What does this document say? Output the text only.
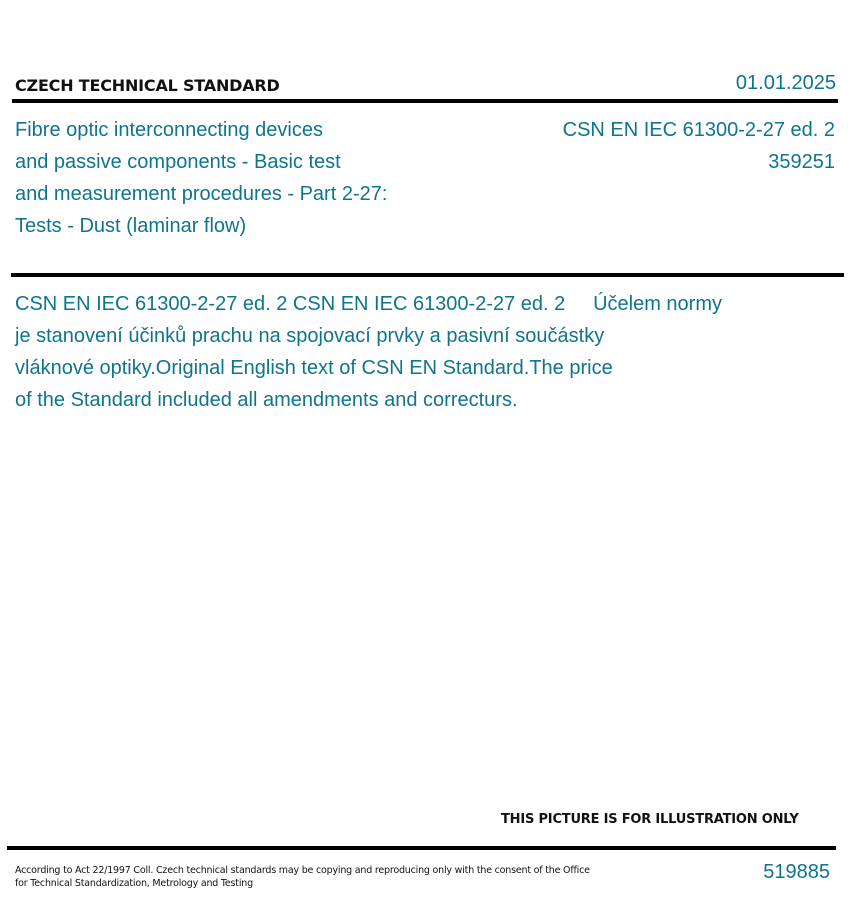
CZECH TECHNICAL STANDARD	01.01.2025
Fibre optic interconnecting devices
and passive components - Basic test
and measurement procedures - Part 2-27:
Tests - Dust (laminar flow)
CSN EN IEC 61300-2-27 ed. 2
359251
CSN EN IEC 61300-2-27 ed. 2 CSN EN IEC 61300-2-27 ed. 2     Účelem normy
je stanovení účinků prachu na spojovací prvky a pasivní součástky
vláknové optiky.Original English text of CSN EN Standard.The price
of the Standard included all amendments and correcturs.
THIS PICTURE IS FOR ILLUSTRATION ONLY
According to Act 22/1997 Coll. Czech technical standards may be copying and reproducing only with the consent of the Office
for Technical Standardization, Metrology and Testing
519885
